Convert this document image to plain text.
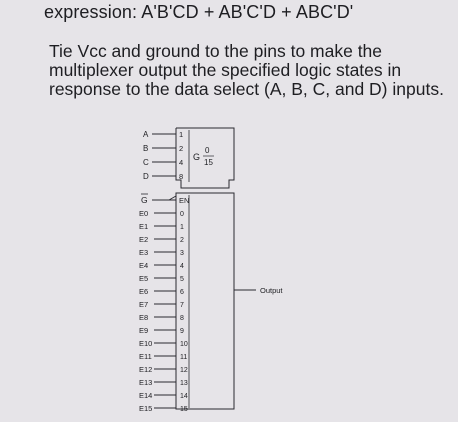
expression: A'B'CD + AB'C'D + ABC'D'
Tie Vcc and ground to the pins to make the
multiplexer output the specified logic states in
response to the data select (A, B, C, and D) inputs.
G
0
15
A	1
B	2
C	4
D	8
G	EN
E0	0
E1	1
E2	2
E3	3
E4	4
E5	5
E6	6
E7	7
E8	8
E9	9
E10	10
E11	11
E12	12
E13	13
E14	14
E15	15
Output
